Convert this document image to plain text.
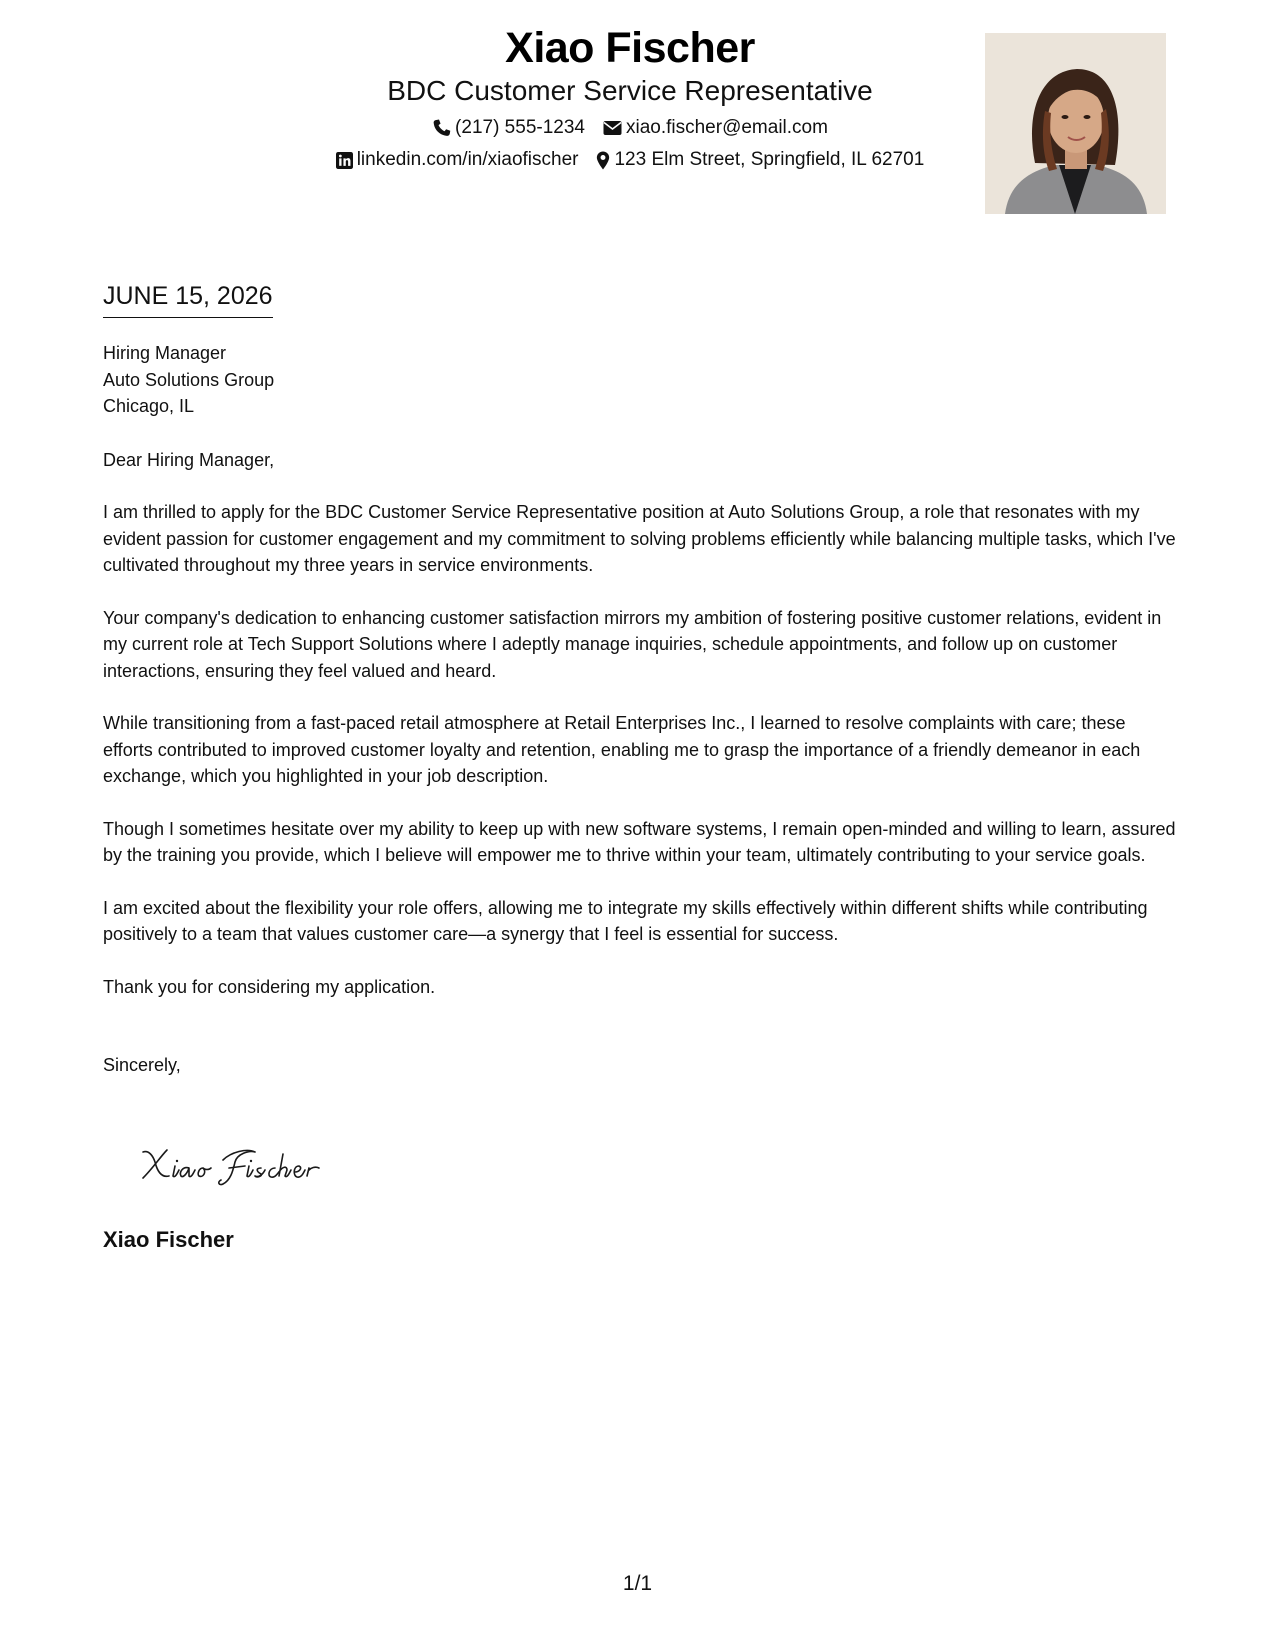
Xiao Fischer
BDC Customer Service Representative
(217) 555-1234 xiao.fischer@email.com
linkedin.com/in/xiaofischer 123 Elm Street, Springfield, IL 62701
JUNE 15, 2026
Hiring Manager
Auto Solutions Group
Chicago, IL
Dear Hiring Manager,

I am thrilled to apply for the BDC Customer Service Representative position at Auto Solutions Group, a role that resonates with my evident passion for customer engagement and my commitment to solving problems efficiently while balancing multiple tasks, which I've cultivated throughout my three years in service environments.

Your company's dedication to enhancing customer satisfaction mirrors my ambition of fostering positive customer relations, evident in my current role at Tech Support Solutions where I adeptly manage inquiries, schedule appointments, and follow up on customer interactions, ensuring they feel valued and heard.

While transitioning from a fast-paced retail atmosphere at Retail Enterprises Inc., I learned to resolve complaints with care; these efforts contributed to improved customer loyalty and retention, enabling me to grasp the importance of a friendly demeanor in each exchange, which you highlighted in your job description.

Though I sometimes hesitate over my ability to keep up with new software systems, I remain open-minded and willing to learn, assured by the training you provide, which I believe will empower me to thrive within your team, ultimately contributing to your service goals.

I am excited about the flexibility your role offers, allowing me to integrate my skills effectively within different shifts while contributing positively to a team that values customer care—a synergy that I feel is essential for success.

Thank you for considering my application.

Sincerely,
Xiao Fischer
1/1
